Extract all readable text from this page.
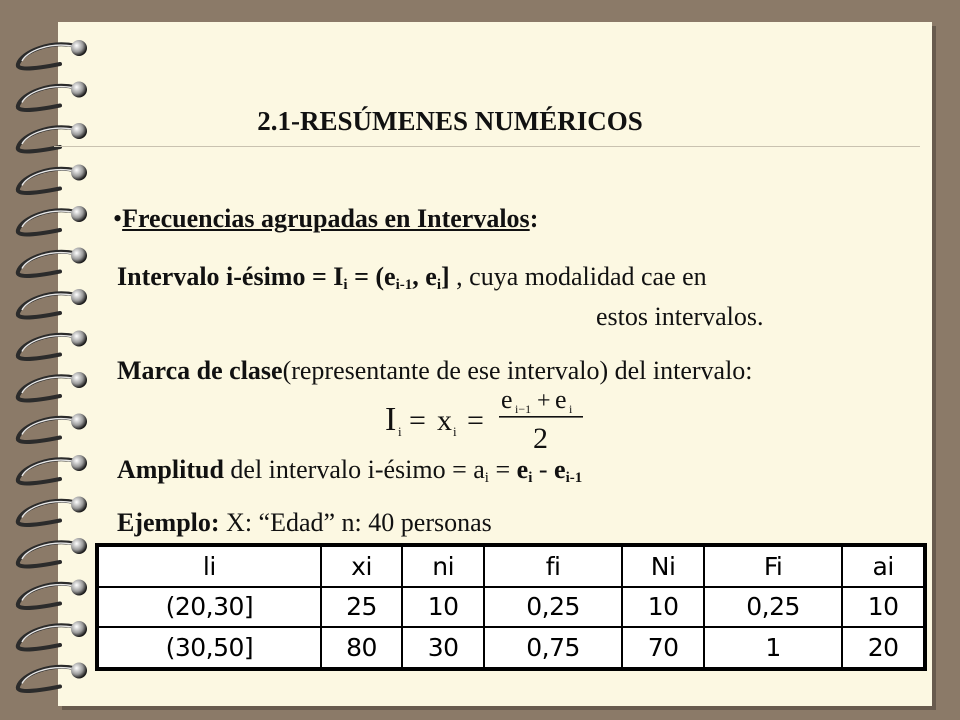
2.1-RESÚMENES NUMÉRICOS
•Frecuencias agrupadas en Intervalos:
Intervalo i-ésimo = $I_i = (e_{i-1}$, $e_i$] , cuya modalidad cae en
estos intervalos.
Marca de clase(representante de ese intervalo) del intervalo:
I i = x i =
e i−1 + e i
2
Amplitud del intervalo i-ésimo = $a_i = e_i - e_{i-1}$
Ejemplo: X: “Edad” n: 40 personas
li	xi	ni	fi	Ni	Fi	ai
(20,30]	25	10	0,25	10	0,25	10
(30,50]	80	30	0,75	70	1	20
